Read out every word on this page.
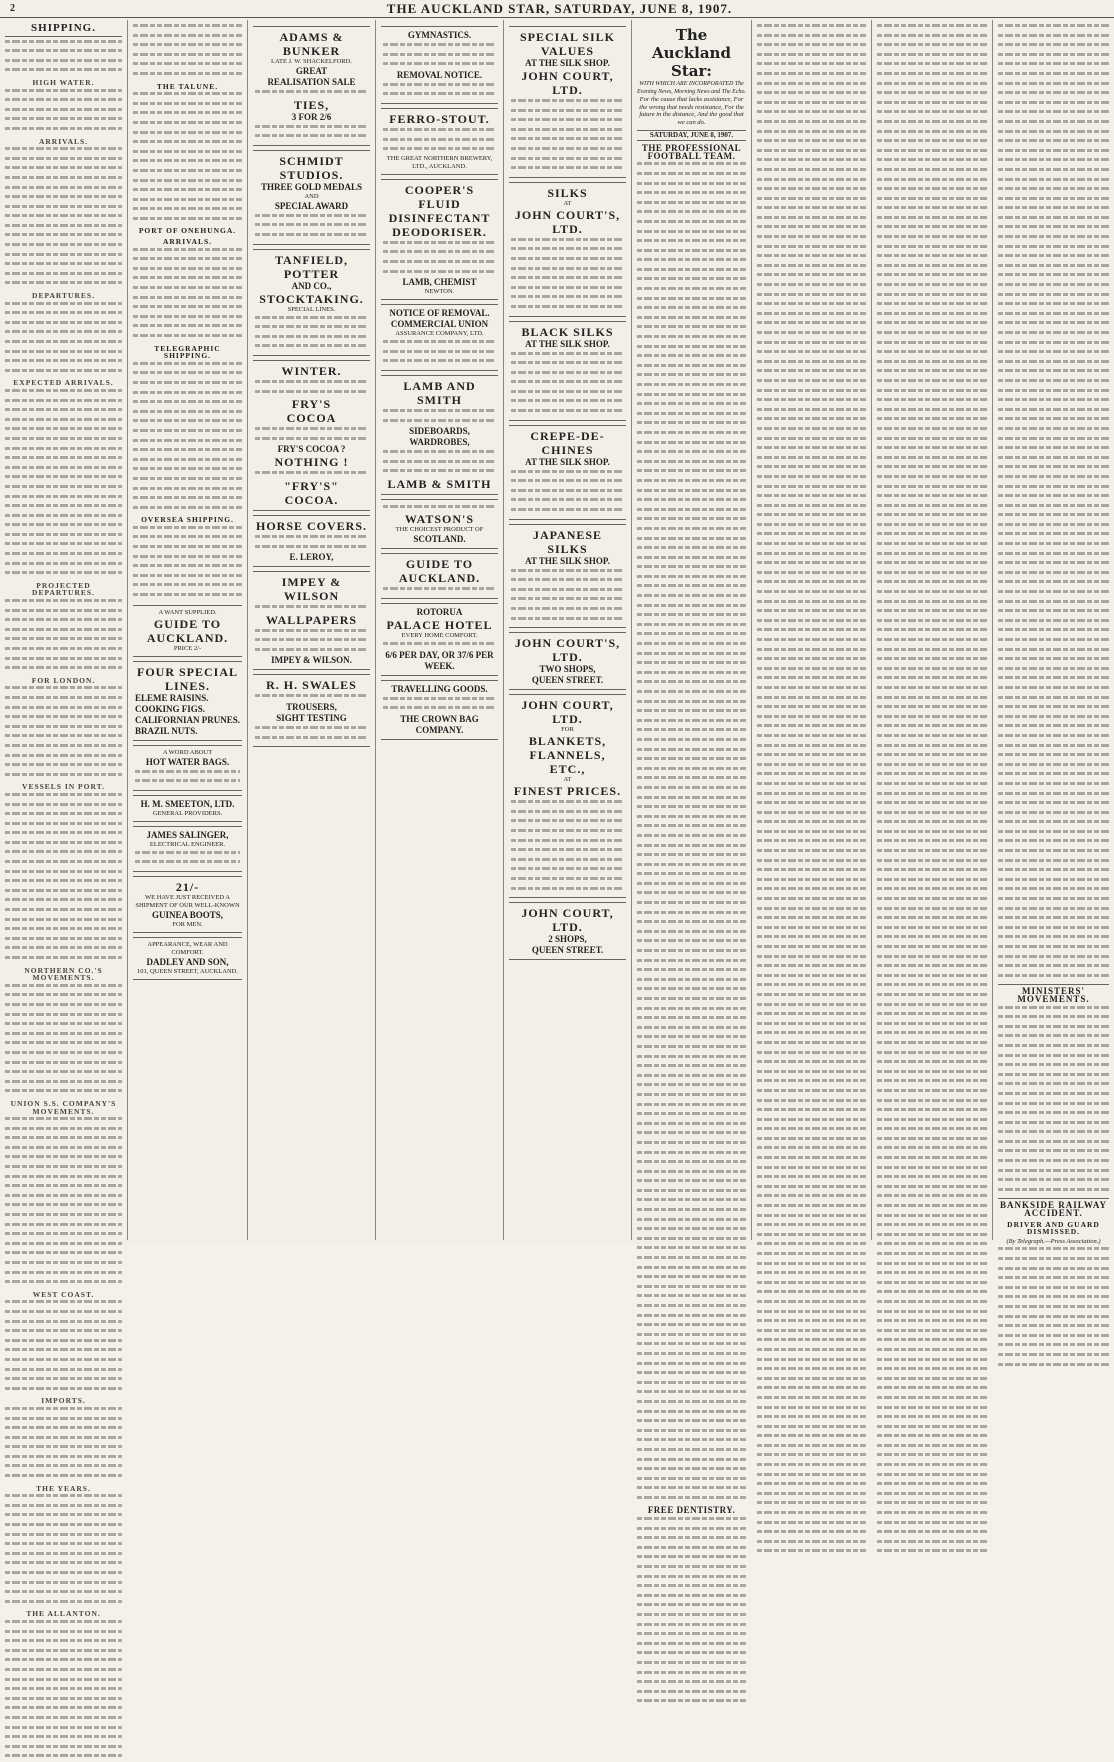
2	THE AUCKLAND STAR, SATURDAY, JUNE 8, 1907.
SHIPPING.
HIGH WATER.
ARRIVALS.
DEPARTURES.
EXPECTED ARRIVALS.
PROJECTED DEPARTURES.
FOR LONDON.
VESSELS IN PORT.
NORTHERN CO.'S MOVEMENTS.
UNION S.S. COMPANY'S MOVEMENTS.
WEST COAST.
IMPORTS.
THE YEARS.
THE ALLANTON.
THE TALUNE.
PORT OF ONEHUNGA.
ARRIVALS.
TELEGRAPHIC SHIPPING.
OVERSEA SHIPPING.
A WANT SUPPLIED.
GUIDE TO
AUCKLAND.
PRICE 2/-
FOUR SPECIAL
LINES.
ELEME RAISINS.
COOKING FIGS.
CALIFORNIAN PRUNES.
BRAZIL NUTS.
A WORD ABOUT
HOT WATER BAGS.
H. M. SMEETON, LTD.
GENERAL PROVIDERS.
JAMES SALINGER,
ELECTRICAL ENGINEER.
21/-
WE HAVE JUST RECEIVED A SHIPMENT OF OUR WELL-KNOWN
GUINEA BOOTS,
FOR MEN.
APPEARANCE, WEAR AND COMFORT.
DADLEY AND SON,
101, QUEEN STREET, AUCKLAND.
ADAMS & BUNKER
LATE J. W. SHACKELFORD.
GREAT
REALISATION SALE
TIES,
3 FOR 2/6
SCHMIDT STUDIOS.
THREE GOLD MEDALS
AND
SPECIAL AWARD
TANFIELD, POTTER
AND CO.,
STOCKTAKING.
SPECIAL LINES.
WINTER.
FRY'S
COCOA
FRY'S COCOA ?
NOTHING !
"FRY'S"
COCOA.
HORSE COVERS.
E. LEROY,
IMPEY & WILSON
WALLPAPERS
IMPEY & WILSON.
R. H. SWALES
TROUSERS,
SIGHT TESTING
GYMNASTICS.
REMOVAL NOTICE.
FERRO-STOUT.
THE GREAT NORTHERN BREWERY, LTD., AUCKLAND.
COOPER'S FLUID
DISINFECTANT
DEODORISER.
LAMB, CHEMIST
NEWTON.
NOTICE OF REMOVAL.
COMMERCIAL UNION
ASSURANCE COMPANY, LTD.
LAMB AND SMITH
SIDEBOARDS, WARDROBES,
LAMB & SMITH
WATSON'S
THE CHOICEST PRODUCT OF
SCOTLAND.
GUIDE TO
AUCKLAND.
ROTORUA
PALACE HOTEL
EVERY HOME COMFORT.
6/6 PER DAY, OR 37/6 PER WEEK.
TRAVELLING GOODS.
THE CROWN BAG COMPANY.
SPECIAL SILK
VALUES
AT THE SILK SHOP.
JOHN COURT, LTD.
SILKS
AT
JOHN COURT'S, LTD.
BLACK SILKS
AT THE SILK SHOP.
CREPE-DE-CHINES
AT THE SILK SHOP.
JAPANESE SILKS
AT THE SILK SHOP.
JOHN COURT'S, LTD.
TWO SHOPS,
QUEEN STREET.
JOHN COURT, LTD.
FOR
BLANKETS,
FLANNELS, ETC.,
AT
FINEST PRICES.
JOHN COURT, LTD.
2 SHOPS,
QUEEN STREET.
The Auckland Star:
WITH WHICH ARE INCORPORATED The Evening News, Morning News and The Echo.
For the cause that lacks assistance, For the wrong that needs resistance, For the future in the distance, And the good that we can do.
SATURDAY, JUNE 8, 1907.
THE PROFESSIONAL FOOTBALL TEAM.
FREE DENTISTRY.
MINISTERS' MOVEMENTS.
BANKSIDE RAILWAY ACCIDENT.
DRIVER AND GUARD DISMISSED.
(By Telegraph.—Press Association.)
